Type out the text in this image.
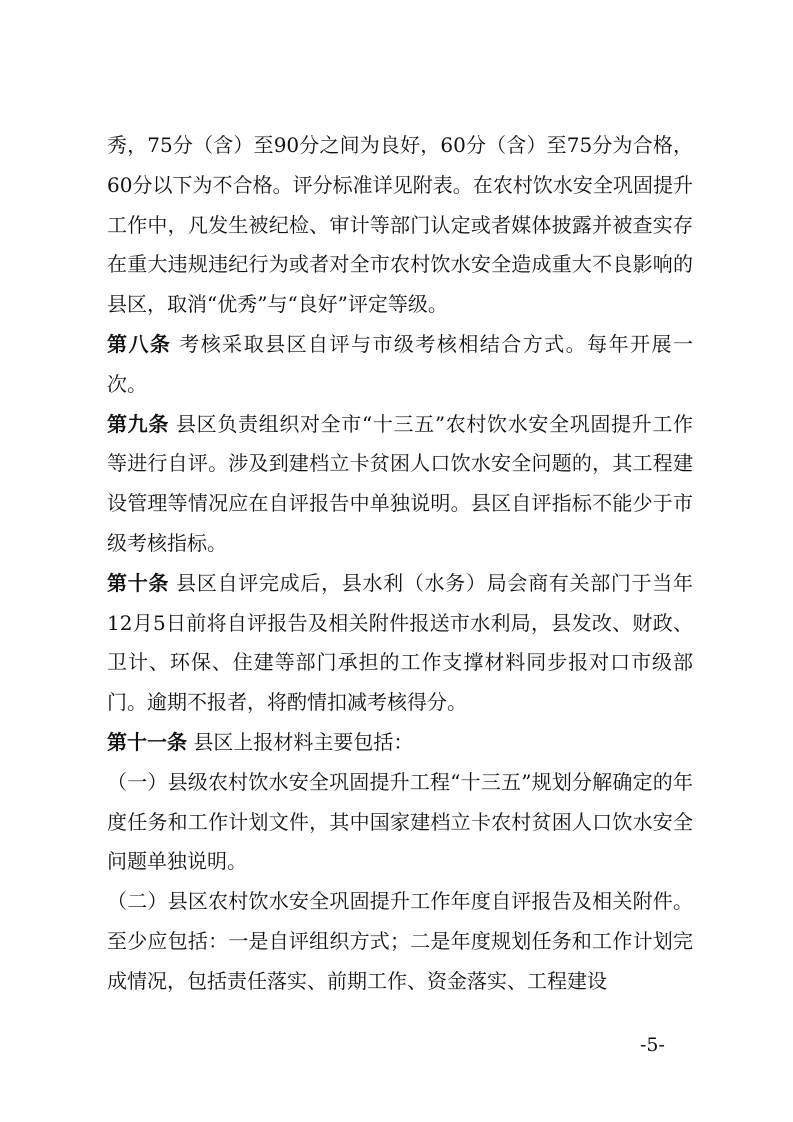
秀，75分（含）至90分之间为良好，60分（含）至75分为合格，60分以下为不合格。评分标准详见附表。在农村饮水安全巩固提升工作中，凡发生被纪检、审计等部门认定或者媒体披露并被查实存在重大违规违纪行为或者对全市农村饮水安全造成重大不良影响的县区，取消“优秀”与“良好”评定等级。

第八条 考核采取县区自评与市级考核相结合方式。每年开展一次。

第九条 县区负责组织对全市“十三五”农村饮水安全巩固提升工作等进行自评。涉及到建档立卡贫困人口饮水安全问题的，其工程建设管理等情况应在自评报告中单独说明。县区自评指标不能少于市级考核指标。

第十条 县区自评完成后，县水利（水务）局会商有关部门于当年12月5日前将自评报告及相关附件报送市水利局，县发改、财政、卫计、环保、住建等部门承担的工作支撑材料同步报对口市级部门。逾期不报者，将酌情扣减考核得分。

第十一条 县区上报材料主要包括：

（一）县级农村饮水安全巩固提升工程“十三五”规划分解确定的年度任务和工作计划文件，其中国家建档立卡农村贫困人口饮水安全问题单独说明。

（二）县区农村饮水安全巩固提升工作年度自评报告及相关附件。至少应包括：一是自评组织方式；二是年度规划任务和工作计划完成情况，包括责任落实、前期工作、资金落实、工程建设

-5-
